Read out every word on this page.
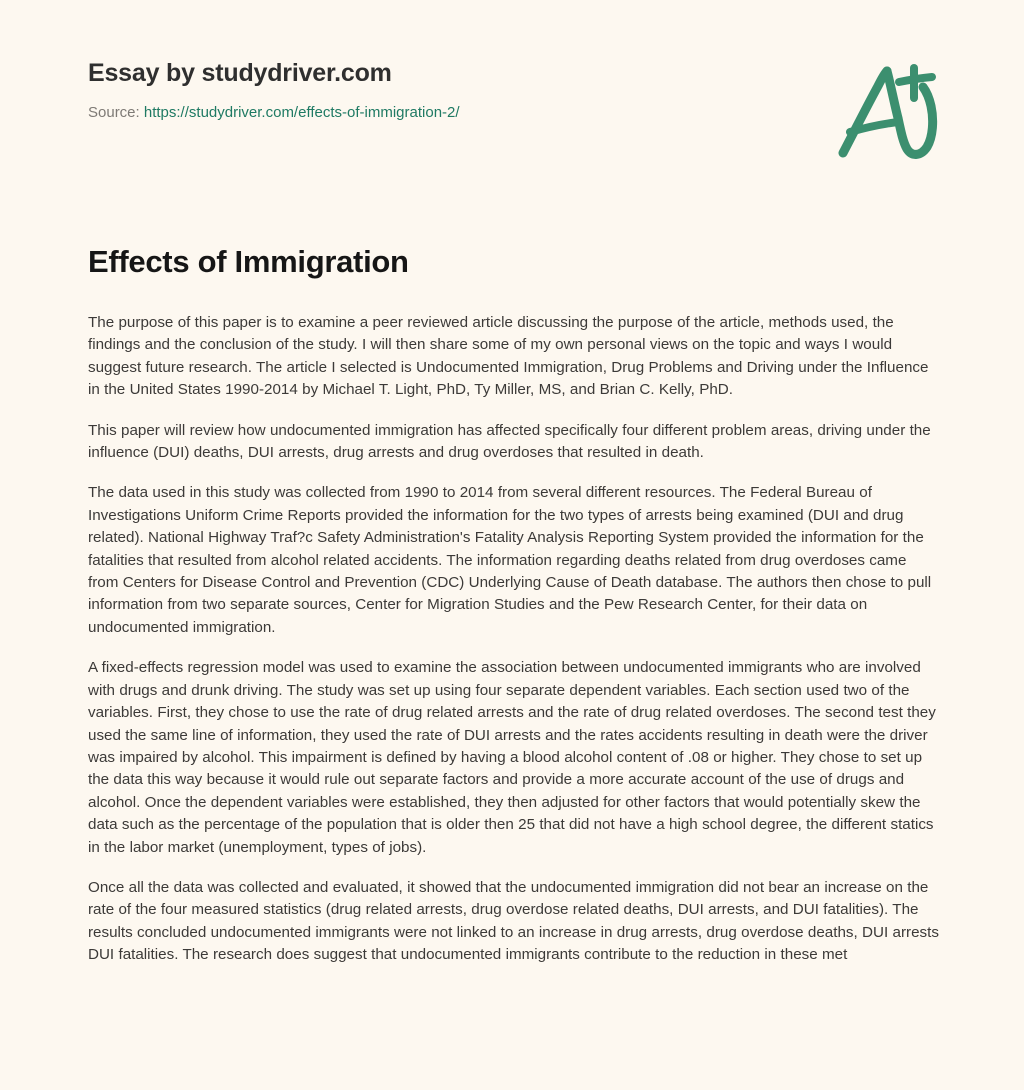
Essay by studydriver.com
Source: https://studydriver.com/effects-of-immigration-2/
Effects of Immigration

The purpose of this paper is to examine a peer reviewed article discussing the purpose of the article, methods used, the findings and the conclusion of the study. I will then share some of my own personal views on the topic and ways I would suggest future research. The article I selected is Undocumented Immigration, Drug Problems and Driving under the Influence in the United States 1990-2014 by Michael T. Light, PhD, Ty Miller, MS, and Brian C. Kelly, PhD.

This paper will review how undocumented immigration has affected specifically four different problem areas, driving under the influence (DUI) deaths, DUI arrests, drug arrests and drug overdoses that resulted in death.

The data used in this study was collected from 1990 to 2014 from several different resources. The Federal Bureau of Investigations Uniform Crime Reports provided the information for the two types of arrests being examined (DUI and drug related). National Highway Traf?c Safety Administration's Fatality Analysis Reporting System provided the information for the fatalities that resulted from alcohol related accidents. The information regarding deaths related from drug overdoses came from Centers for Disease Control and Prevention (CDC) Underlying Cause of Death database. The authors then chose to pull information from two separate sources, Center for Migration Studies and the Pew Research Center, for their data on undocumented immigration.

A fixed-effects regression model was used to examine the association between undocumented immigrants who are involved with drugs and drunk driving. The study was set up using four separate dependent variables. Each section used two of the variables. First, they chose to use the rate of drug related arrests and the rate of drug related overdoses. The second test they used the same line of information, they used the rate of DUI arrests and the rates accidents resulting in death were the driver was impaired by alcohol. This impairment is defined by having a blood alcohol content of .08 or higher. They chose to set up the data this way because it would rule out separate factors and provide a more accurate account of the use of drugs and alcohol. Once the dependent variables were established, they then adjusted for other factors that would potentially skew the data such as the percentage of the population that is older then 25 that did not have a high school degree, the different statics in the labor market (unemployment, types of jobs).

Once all the data was collected and evaluated, it showed that the undocumented immigration did not bear an increase on the rate of the four measured statistics (drug related arrests, drug overdose related deaths, DUI arrests, and DUI fatalities). The results concluded undocumented immigrants were not linked to an increase in drug arrests, drug overdose deaths, DUI arrests DUI fatalities. The research does suggest that undocumented immigrants contribute to the reduction in these met
